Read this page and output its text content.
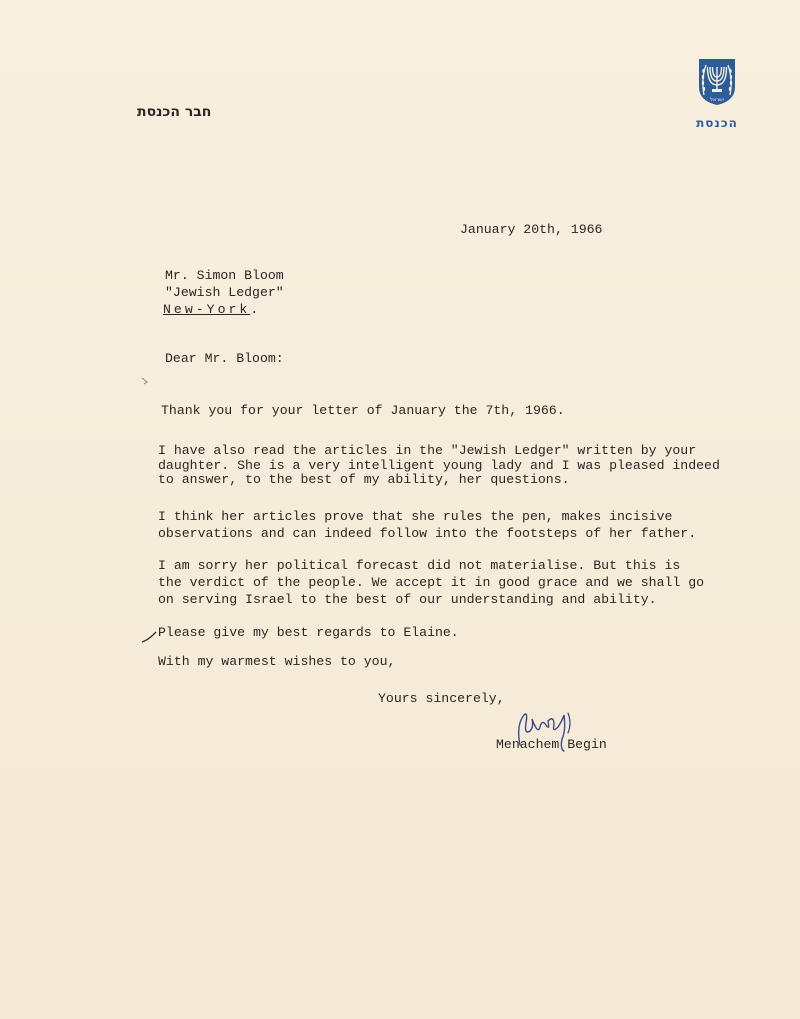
חבר הכנסת
ישראל
הכנסת
January 20th, 1966
Mr. Simon Bloom
"Jewish Ledger"
New-York.
Dear Mr. Bloom:
Thank you for your letter of January the 7th, 1966.
I have also read the articles in the "Jewish Ledger" written by your
daughter. She is a very intelligent young lady and I was pleased indeed
to answer, to the best of my ability, her questions.
I think her articles prove that she rules the pen, makes incisive
observations and can indeed follow into the footsteps of her father.
I am sorry her political forecast did not materialise. But this is
the verdict of the people. We accept it in good grace and we shall go
on serving Israel to the best of our understanding and ability.
Please give my best regards to Elaine.
With my warmest wishes to you,
Yours sincerely,
Menachem Begin
